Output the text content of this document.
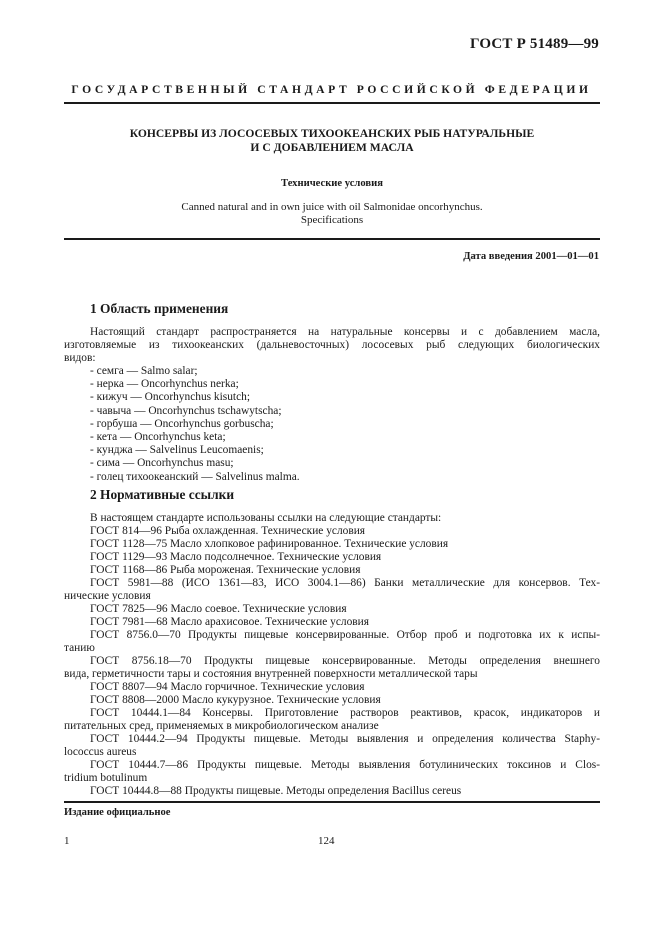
ГОСТ Р 51489—99
ГОСУДАРСТВЕННЫЙ СТАНДАРТ РОССИЙСКОЙ ФЕДЕРАЦИИ
КОНСЕРВЫ ИЗ ЛОСОСЕВЫХ ТИХООКЕАНСКИХ РЫБ НАТУРАЛЬНЫЕ
И С ДОБАВЛЕНИЕМ МАСЛА
Технические условия
Canned natural and in own juice with oil Salmonidae oncorhynchus.
Specifications
Дата введения 2001—01—01
1 Область применения
Настоящий стандарт распространяется на натуральные консервы и с добавлением масла,
изготовляемые из тихоокеанских (дальневосточных) лососевых рыб следующих биологических
видов:
- семга — Salmo salar;
- нерка — Oncorhynchus nerka;
- кижуч — Oncorhynchus kisutch;
- чавыча — Oncorhynchus tschawytscha;
- горбуша — Oncorhynchus gorbuscha;
- кета — Oncorhynchus keta;
- кунджа — Salvelinus Leucomaenis;
- сима — Oncorhynchus masu;
- голец тихоокеанский — Salvelinus malma.
2 Нормативные ссылки
В настоящем стандарте использованы ссылки на следующие стандарты:
ГОСТ 814—96 Рыба охлажденная. Технические условия
ГОСТ 1128—75 Масло хлопковое рафинированное. Технические условия
ГОСТ 1129—93 Масло подсолнечное. Технические условия
ГОСТ 1168—86 Рыба мороженая. Технические условия
ГОСТ 5981—88 (ИСО 1361—83, ИСО 3004.1—86) Банки металлические для консервов. Тех-
нические условия
ГОСТ 7825—96 Масло соевое. Технические условия
ГОСТ 7981—68 Масло арахисовое. Технические условия
ГОСТ 8756.0—70 Продукты пищевые консервированные. Отбор проб и подготовка их к испы-
танию
ГОСТ 8756.18—70 Продукты пищевые консервированные. Методы определения внешнего
вида, герметичности тары и состояния внутренней поверхности металлической тары
ГОСТ 8807—94 Масло горчичное. Технические условия
ГОСТ 8808—2000 Масло кукурузное. Технические условия
ГОСТ 10444.1—84 Консервы. Приготовление растворов реактивов, красок, индикаторов и
питательных сред, применяемых в микробиологическом анализе
ГОСТ 10444.2—94 Продукты пищевые. Методы выявления и определения количества Staphy-
lococcus aureus
ГОСТ 10444.7—86 Продукты пищевые. Методы выявления ботулинических токсинов и Clos-
tridium botulinum
ГОСТ 10444.8—88 Продукты пищевые. Методы определения Bacillus cereus
Издание официальное
1	124
